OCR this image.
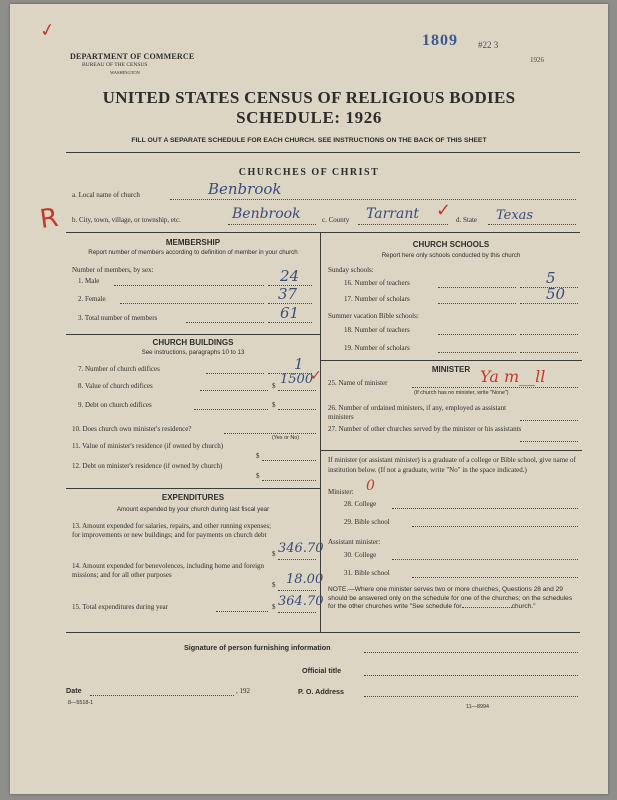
✓
DEPARTMENT OF COMMERCE
BUREAU OF THE CENSUS
WASHINGTON
1809 #22 3
1926
UNITED STATES CENSUS OF RELIGIOUS BODIES
SCHEDULE: 1926
FILL OUT A SEPARATE SCHEDULE FOR EACH CHURCH. SEE INSTRUCTIONS ON THE BACK OF THIS SHEET
CHURCHES OF CHRIST
a. Local name of church	Benbrook
R b. City, town, village, or township, etc.	Benbrook	c. County Tarrant ✓ d. State Texas
MEMBERSHIP
Report number of members according to definition of member in your church
Number of members, by sex:
1. Male	24
2. Female	37
3. Total number of members	61
CHURCH BUILDINGS
See instructions, paragraphs 10 to 13
7. Number of church edifices	1
8. Value of church edifices	$ 1500
✓
9. Debt on church edifices	$
10. Does church own minister's residence?
(Yes or No)
11. Value of minister's residence (if owned by church)
$
12. Debt on minister's residence (if owned by church)
$
EXPENDITURES
Amount expended by your church during last fiscal year
13. Amount expended for salaries, repairs, and other running expenses; for improvements or new buildings; and for payments on church debt
$ 346.70
14. Amount expended for benevolences, including home and foreign missions; and for all other purposes
$ 18.00
15. Total expenditures during year	$ 364.70
CHURCH SCHOOLS
Report here only schools conducted by this church
Sunday schools:
16. Number of teachers	5
17. Number of scholars	50
Summer vacation Bible schools:
18. Number of teachers
19. Number of scholars
MINISTER
25. Name of minister
(If church has no minister, write "None")
Ya m__ll
26. Number of ordained ministers, if any, employed as assistant ministers
27. Number of other churches served by the minister or his assistants
If minister (or assistant minister) is a graduate of a college or Bible school, give name of institution below. (If not a graduate, write "No" in the space indicated.)
Minister: 0
28. College
29. Bible school
Assistant minister:
30. College
31. Bible school
NOTE.—Where one minister serves two or more churches, Questions 28 and 29 should be answered only on the schedule for one of the churches; on the schedules for the other churches write "See schedule for	church."
Signature of person furnishing information
Official title
Date	, 192	P. O. Address
8—5518-1
11—8994
